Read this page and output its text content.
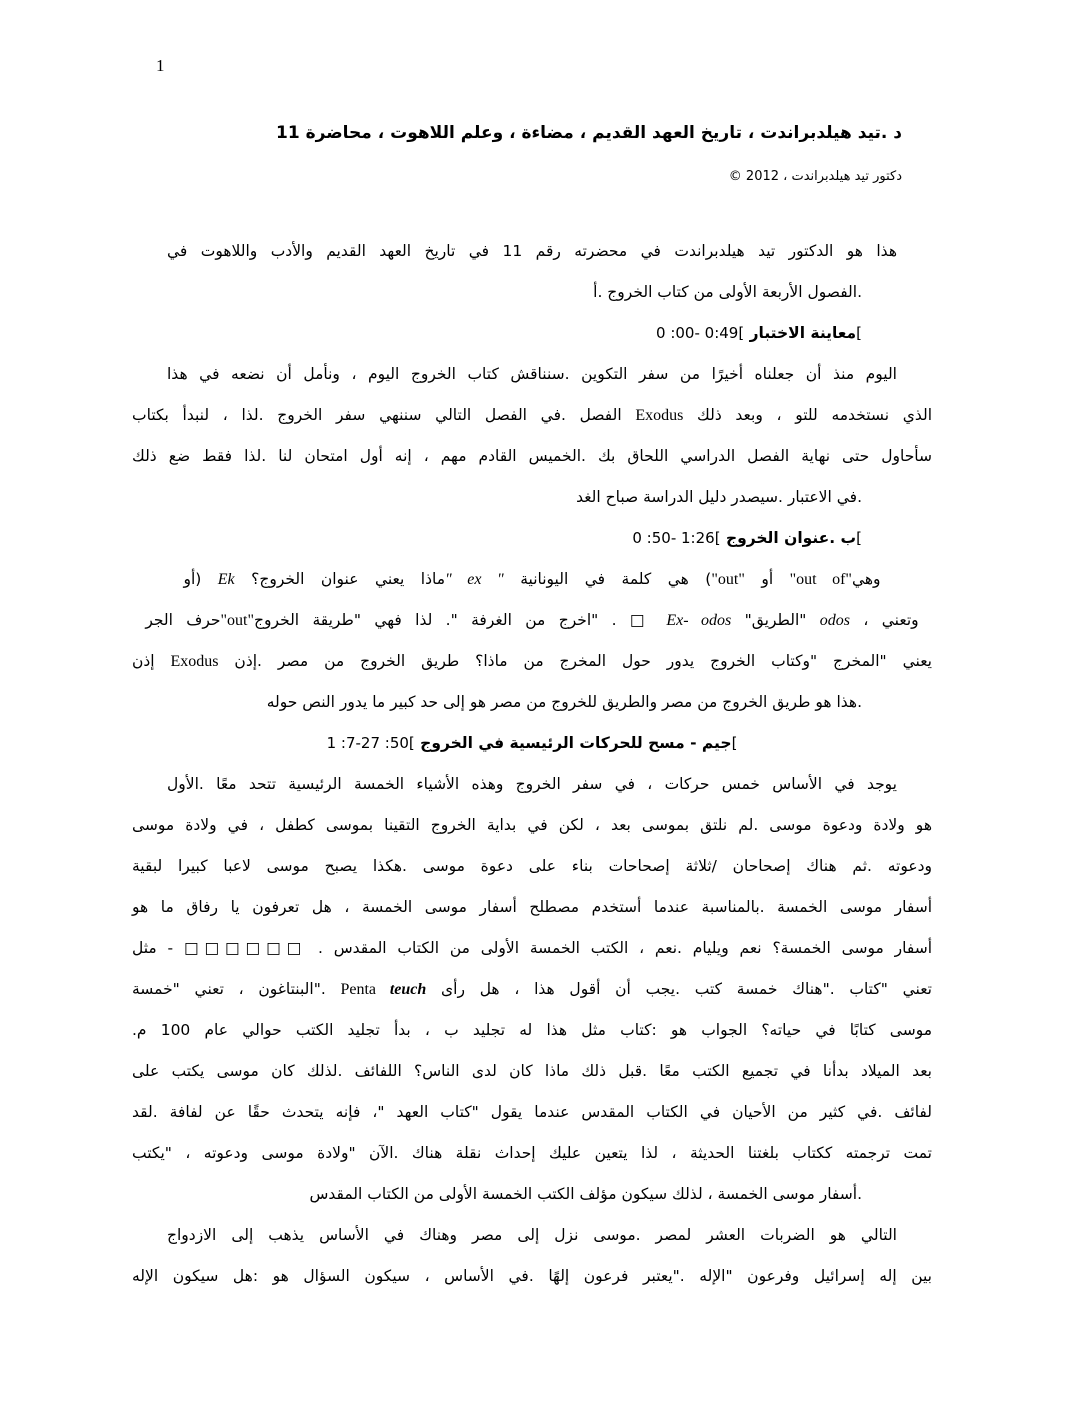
1
د .تيد هيلدبراندت ، تاريخ العهد القديم ، مضاءة ، وعلم اللاهوت ، محاضرة 11
دكتور تيد هيلدبراندت ، 2012 ©
هذا هو الدكتور تيد هيلدبراندت في محضرته رقم 11 في تاريخ العهد القديم والأدب واللاهوت في
.الفصول الأربعة الأولى من كتاب الخروج .أ
معاينة الاختبار ]0:49 -00: 0[
اليوم منذ أن جعلناه أخيرًا من سفر التكوين .سنناقش كتاب الخروج اليوم ، ونأمل أن نضعه في هذا
الذي نستخدمه للتو ، وبعد ذلك Exodus الفصل .في الفصل التالي سننهي سفر الخروج .لذا ، لنبدأ بكتاب
سأحاول حتى نهاية الفصل الدراسي اللحاق بك .الخميس القادم مهم ، إنه أول امتحان لنا .لذا فقط ضع ذلك
.في الاعتبار .سيصدر دليل الدراسة صباح الغد
ب .عنوان الخروج ]1:26 -50: 0[
ماذا يعني عنوان الخروج؟ Ek (أو	" ex ") هي كلمة في اليونانية "out" أو "out of" وهي
حرف الجر "out"	وتعني ، odos "الطريق" Ex- odos □ . "اخرج من الغرفة ". لذا فهي "طريقة الخروج
يعني "المخرج "وكتاب الخروج يدور حول المخرج من ماذا؟ طريق الخروج من مصر .إذن Exodus إذن
.هذا هو طريق الخروج من مصر والطريق للخروج من مصر هو إلى حد كبير ما يدور النص حوله
جيم - مسح للحركات الرئيسية في الخروج ]50: 7-27: 1[
يوجد في الأساس خمس حركات ، في سفر الخروج وهذه الأشياء الخمسة الرئيسية تتحد معًا .الأول
هو ولادة ودعوة موسى .لم نلتق بموسى بعد ، لكن في بداية الخروج التقينا بموسى كطفل ، في ولادة موسى
ودعوته .ثم هناك إصحاحان /ثلاثة إصحاحات بناء على دعوة موسى .هكذا يصبح موسى لاعبا كبيرا لبقية
أسفار موسى الخمسة .بالمناسبة عندما أستخدم مصطلح أسفار موسى الخمسة ، هل تعرفون يا رفاق ما هو
أسفار موسى الخمسة؟ نعم ويليام .نعم ، الكتب الخمسة الأولى من الكتاب المقدس . □□□□□□ - مثل
تعني "كتاب ."هناك خمسة كتب .يجب أن أقول هذا ، هل رأى Penta teuch ."البنتاغون ، تعني "خمسة
موسى كتابًا في حياته؟ الجواب هو :كتاب مثل هذا له تجليد ب ، بدأ تجليد الكتب حوالي عام 100 م.
بعد الميلاد بدأنا في تجميع الكتب معًا .قبل ذلك ماذا كان لدى الناس؟ اللفائف .لذلك كان موسى يكتب على
لفائف .في كثير من الأحيان في الكتاب المقدس عندما يقول "كتاب العهد "، فإنه يتحدث حقًا عن لفافة .لقد
تمت ترجمته ككتاب بلغتنا الحديثة ، لذا يتعين عليك إحداث نقلة هناك .الآن "ولادة موسى ودعوته ، "يكتب
.أسفار موسى الخمسة ، لذلك سيكون مؤلف الكتب الخمسة الأولى من الكتاب المقدس
التالي هو الضربات العشر لمصر .موسى نزل إلى مصر وهناك في الأساس يذهب إلى الازدواج
بين إله إسرائيل وفرعون "الإله ."يعتبر فرعون إلهًا .في الأساس ، سيكون السؤال هو :هل سيكون الإله
